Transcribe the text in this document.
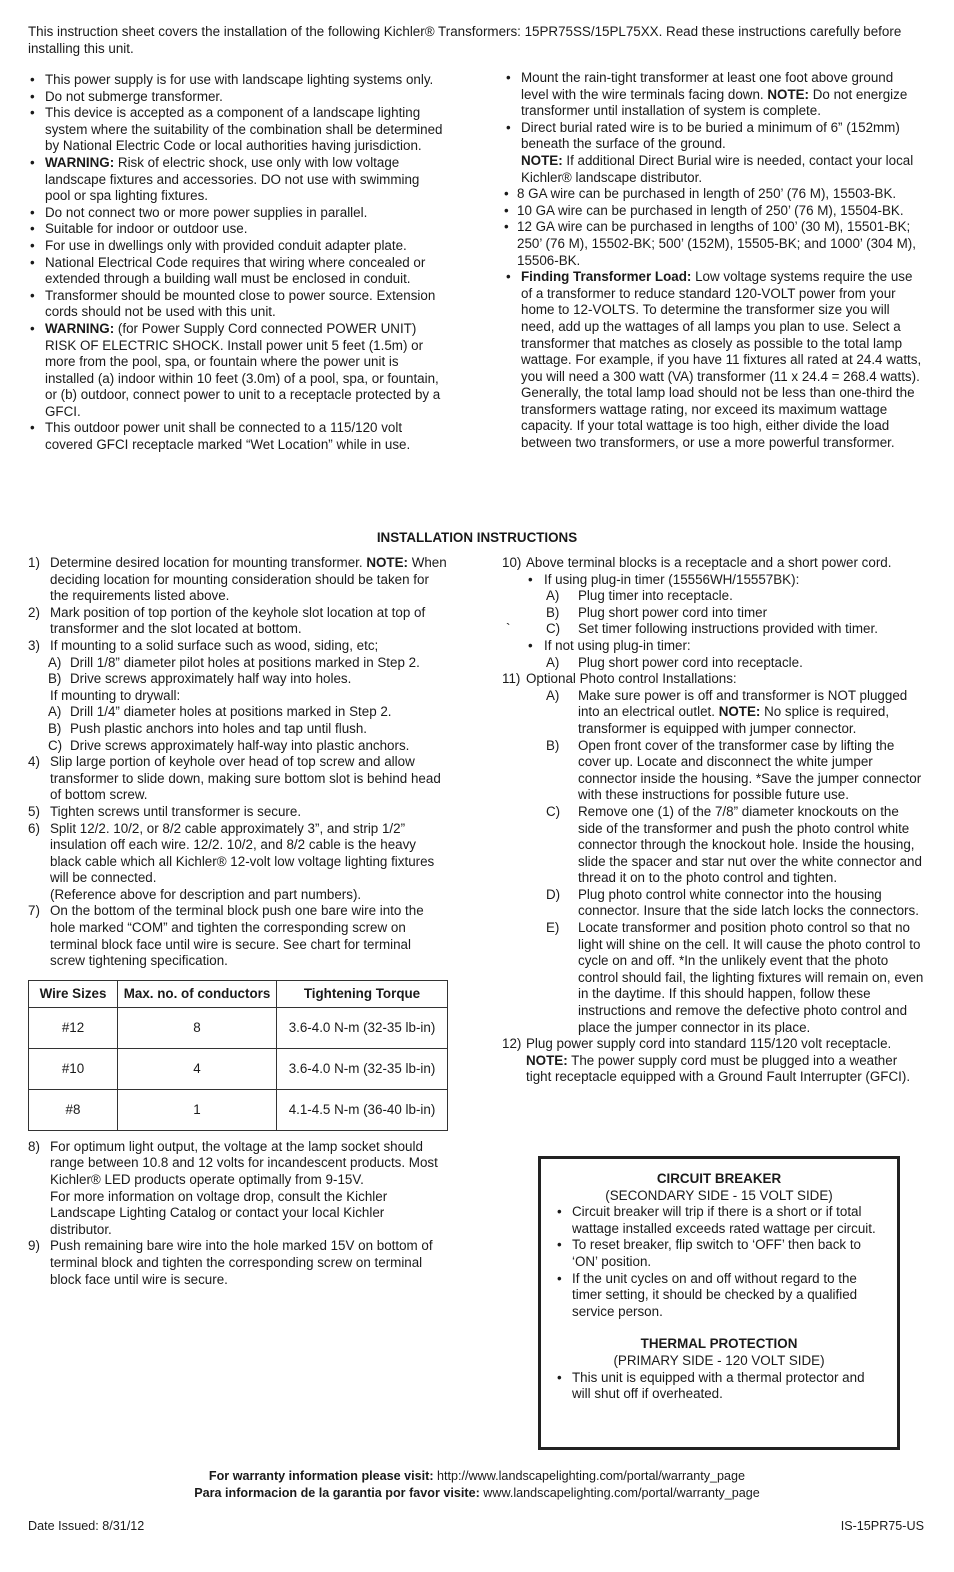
This instruction sheet covers the installation of the following Kichler® Transformers: 15PR75SS/15PL75XX. Read these instructions carefully before installing this unit.
• This power supply is for use with landscape lighting systems only.
• Do not submerge transformer.
• This device is accepted as a component of a landscape lighting system where the suitability of the combination shall be determined by National Electric Code or local authorities having jurisdiction.
• WARNING: Risk of electric shock, use only with low voltage landscape fixtures and accessories. DO not use with swimming pool or spa lighting fixtures.
• Do not connect two or more power supplies in parallel.
• Suitable for indoor or outdoor use.
• For use in dwellings only with provided conduit adapter plate.
• National Electrical Code requires that wiring where concealed or extended through a building wall must be enclosed in conduit.
• Transformer should be mounted close to power source. Extension cords should not be used with this unit.
• WARNING: (for Power Supply Cord connected POWER UNIT) RISK OF ELECTRIC SHOCK. Install power unit 5 feet (1.5m) or more from the pool, spa, or fountain where the power unit is installed (a) indoor within 10 feet (3.0m) of a pool, spa, or fountain, or (b) outdoor, connect power to unit to a receptacle protected by a GFCI.
• This outdoor power unit shall be connected to a 115/120 volt covered GFCI receptacle marked “Wet Location” while in use.
• Mount the rain-tight transformer at least one foot above ground level with the wire terminals facing down. NOTE: Do not energize transformer until installation of system is complete.
• Direct burial rated wire is to be buried a minimum of 6” (152mm) beneath the surface of the ground.
NOTE: If additional Direct Burial wire is needed, contact your local Kichler® landscape distributor.
• 8 GA wire can be purchased in length of 250’ (76 M), 15503-BK.
• 10 GA wire can be purchased in length of 250’ (76 M), 15504-BK.
• 12 GA wire can be purchased in lengths of 100’ (30 M), 15501-BK; 250’ (76 M), 15502-BK; 500’ (152M), 15505-BK; and 1000’ (304 M), 15506-BK.
• Finding Transformer Load: Low voltage systems require the use of a transformer to reduce standard 120-VOLT power from your home to 12-VOLTS. To determine the transformer size you will need, add up the wattages of all lamps you plan to use. Select a transformer that matches as closely as possible to the total lamp wattage. For example, if you have 11 fixtures all rated at 24.4 watts, you will need a 300 watt (VA) transformer (11 x 24.4 = 268.4 watts). Generally, the total lamp load should not be less than one-third the transformers wattage rating, nor exceed its maximum wattage capacity. If your total wattage is too high, either divide the load between two transformers, or use a more powerful transformer.
INSTALLATION INSTRUCTIONS
1) Determine desired location for mounting transformer. NOTE: When deciding location for mounting consideration should be taken for the requirements listed above.
2) Mark position of top portion of the keyhole slot location at top of transformer and the slot located at bottom.
3) If mounting to a solid surface such as wood, siding, etc;
A) Drill 1/8” diameter pilot holes at positions marked in Step 2.
B) Drive screws approximately half way into holes.
If mounting to drywall:
A) Drill 1/4” diameter holes at positions marked in Step 2.
B) Push plastic anchors into holes and tap until flush.
C) Drive screws approximately half-way into plastic anchors.
4) Slip large portion of keyhole over head of top screw and allow transformer to slide down, making sure bottom slot is behind head of bottom screw.
5) Tighten screws until transformer is secure.
6) Split 12/2. 10/2, or 8/2 cable approximately 3”, and strip 1/2” insulation off each wire. 12/2. 10/2, and 8/2 cable is the heavy black cable which all Kichler® 12-volt low voltage lighting fixtures will be connected.
(Reference above for description and part numbers).
7) On the bottom of the terminal block push one bare wire into the hole marked “COM” and tighten the corresponding screw on terminal block face until wire is secure. See chart for terminal screw tightening specification.
Wire Sizes	Max. no. of conductors	Tightening Torque
#12	8	3.6-4.0 N-m (32-35 lb-in)
#10	4	3.6-4.0 N-m (32-35 lb-in)
#8	1	4.1-4.5 N-m (36-40 lb-in)
8) For optimum light output, the voltage at the lamp socket should range between 10.8 and 12 volts for incandescent products. Most Kichler® LED products operate optimally from 9-15V.
For more information on voltage drop, consult the Kichler Landscape Lighting Catalog or contact your local Kichler distributor.
9) Push remaining bare wire into the hole marked 15V on bottom of terminal block and tighten the corresponding screw on terminal block face until wire is secure.
10) Above terminal blocks is a receptacle and a short power cord.
• If using plug-in timer (15556WH/15557BK):
A) Plug timer into receptacle.
B) Plug short power cord into timer
`	C) Set timer following instructions provided with timer.
• If not using plug-in timer:
A) Plug short power cord into receptacle.
11) Optional Photo control Installations:
A) Make sure power is off and transformer is NOT plugged into an electrical outlet. NOTE: No splice is required, transformer is equipped with jumper connector.
B) Open front cover of the transformer case by lifting the cover up. Locate and disconnect the white jumper connector inside the housing. *Save the jumper connector with these instructions for possible future use.
C) Remove one (1) of the 7/8” diameter knockouts on the side of the transformer and push the photo control white connector through the knockout hole. Inside the housing, slide the spacer and star nut over the white connector and thread it on to the photo control and tighten.
D) Plug photo control white connector into the housing connector. Insure that the side latch locks the connectors.
E) Locate transformer and position photo control so that no light will shine on the cell. It will cause the photo control to cycle on and off. *In the unlikely event that the photo control should fail, the lighting fixtures will remain on, even in the daytime. If this should happen, follow these instructions and remove the defective photo control and place the jumper connector in its place.
12) Plug power supply cord into standard 115/120 volt receptacle.
NOTE: The power supply cord must be plugged into a weather tight receptacle equipped with a Ground Fault Interrupter (GFCI).
CIRCUIT BREAKER
(SECONDARY SIDE - 15 VOLT SIDE)
• Circuit breaker will trip if there is a short or if total wattage installed exceeds rated wattage per circuit.
• To reset breaker, flip switch to ‘OFF’ then back to ‘ON’ position.
• If the unit cycles on and off without regard to the timer setting, it should be checked by a qualified service person.
THERMAL PROTECTION
(PRIMARY SIDE - 120 VOLT SIDE)
• This unit is equipped with a thermal protector and will shut off if overheated.
For warranty information please visit: http://www.landscapelighting.com/portal/warranty_page
Para informacion de la garantia por favor visite: www.landscapelighting.com/portal/warranty_page
Date Issued: 8/31/12	IS-15PR75-US
